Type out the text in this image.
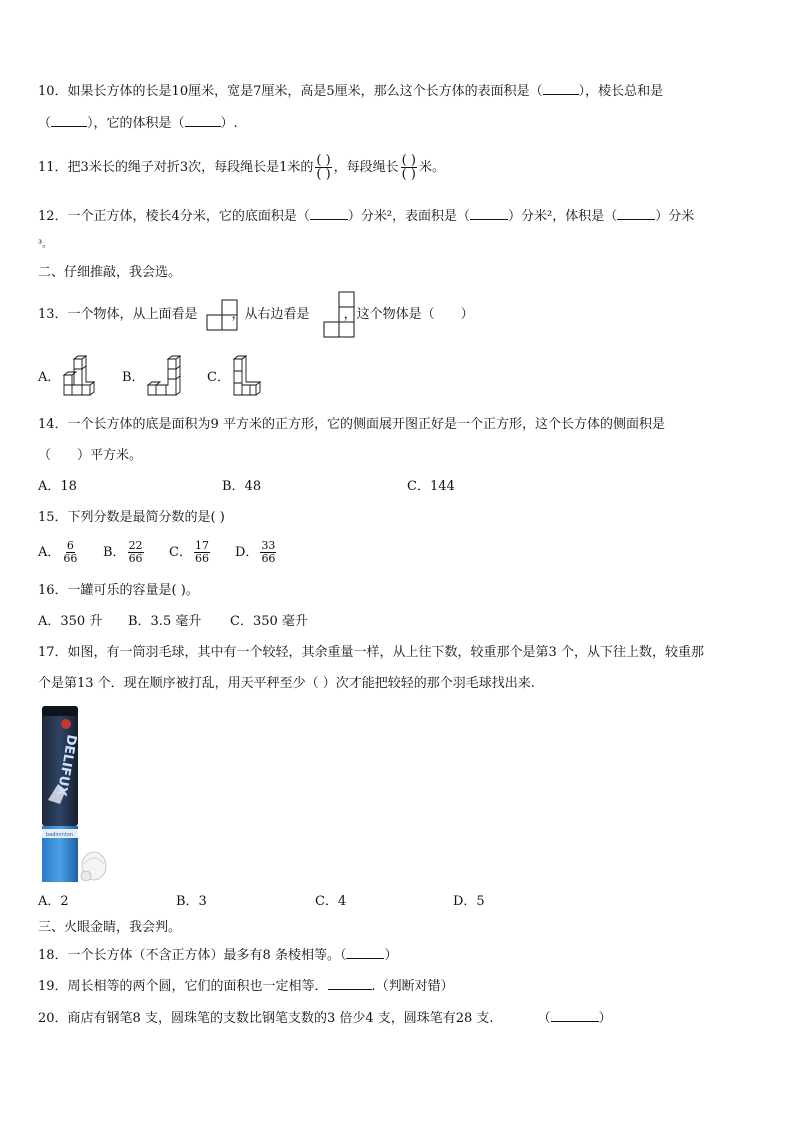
10．如果长方体的长是10厘米，宽是7厘米，高是5厘米，那么这个长方体的表面积是（	），棱长总和是
（	），它的体积是（	）.
11．把3米长的绳子对折3次，每段绳长是1米的 $\frac{( )}{( )}$ ，每段绳长 $\frac{( )}{( )}$ 米。
12．一个正方体，棱长4分米，它的底面积是（	）分米²，表面积是（	）分米²，体积是（	）分米
³。
二、仔细推敲，我会选。
13．一个物体，从上面看是	，从右边看是	，这个物体是（　　）
A．	B．	C．
14．一个长方体的底是面积为9 平方米的正方形，它的侧面展开图正好是一个正方形，这个长方体的侧面积是
（　　）平方米。
A．18	B．48	C．144
15．下列分数是最简分数的是( )
A． $\frac{6}{66}$ B． $\frac{22}{66}$ C． $\frac{17}{66}$ D． $\frac{33}{66}$
16．一罐可乐的容量是( )。
A．350 升 B．3.5 毫升 C．350 毫升
17．如图，有一筒羽毛球，其中有一个较轻，其余重量一样，从上往下数，较重那个是第3 个，从下往上数，较重那
个是第13 个．现在顺序被打乱，用天平秤至少（ ）次才能把较轻的那个羽毛球找出来.
DELIFUX
badminton
A．2	B．3	C．4	D．5
三、火眼金睛，我会判。
18．一个长方体（不含正方体）最多有8 条棱相等。（	）
19．周长相等的两个圆，它们的面积也一定相等．	.（判断对错）
20．商店有钢笔8 支，圆珠笔的支数比钢笔支数的3 倍少4 支，圆珠笔有28 支.	（	）
